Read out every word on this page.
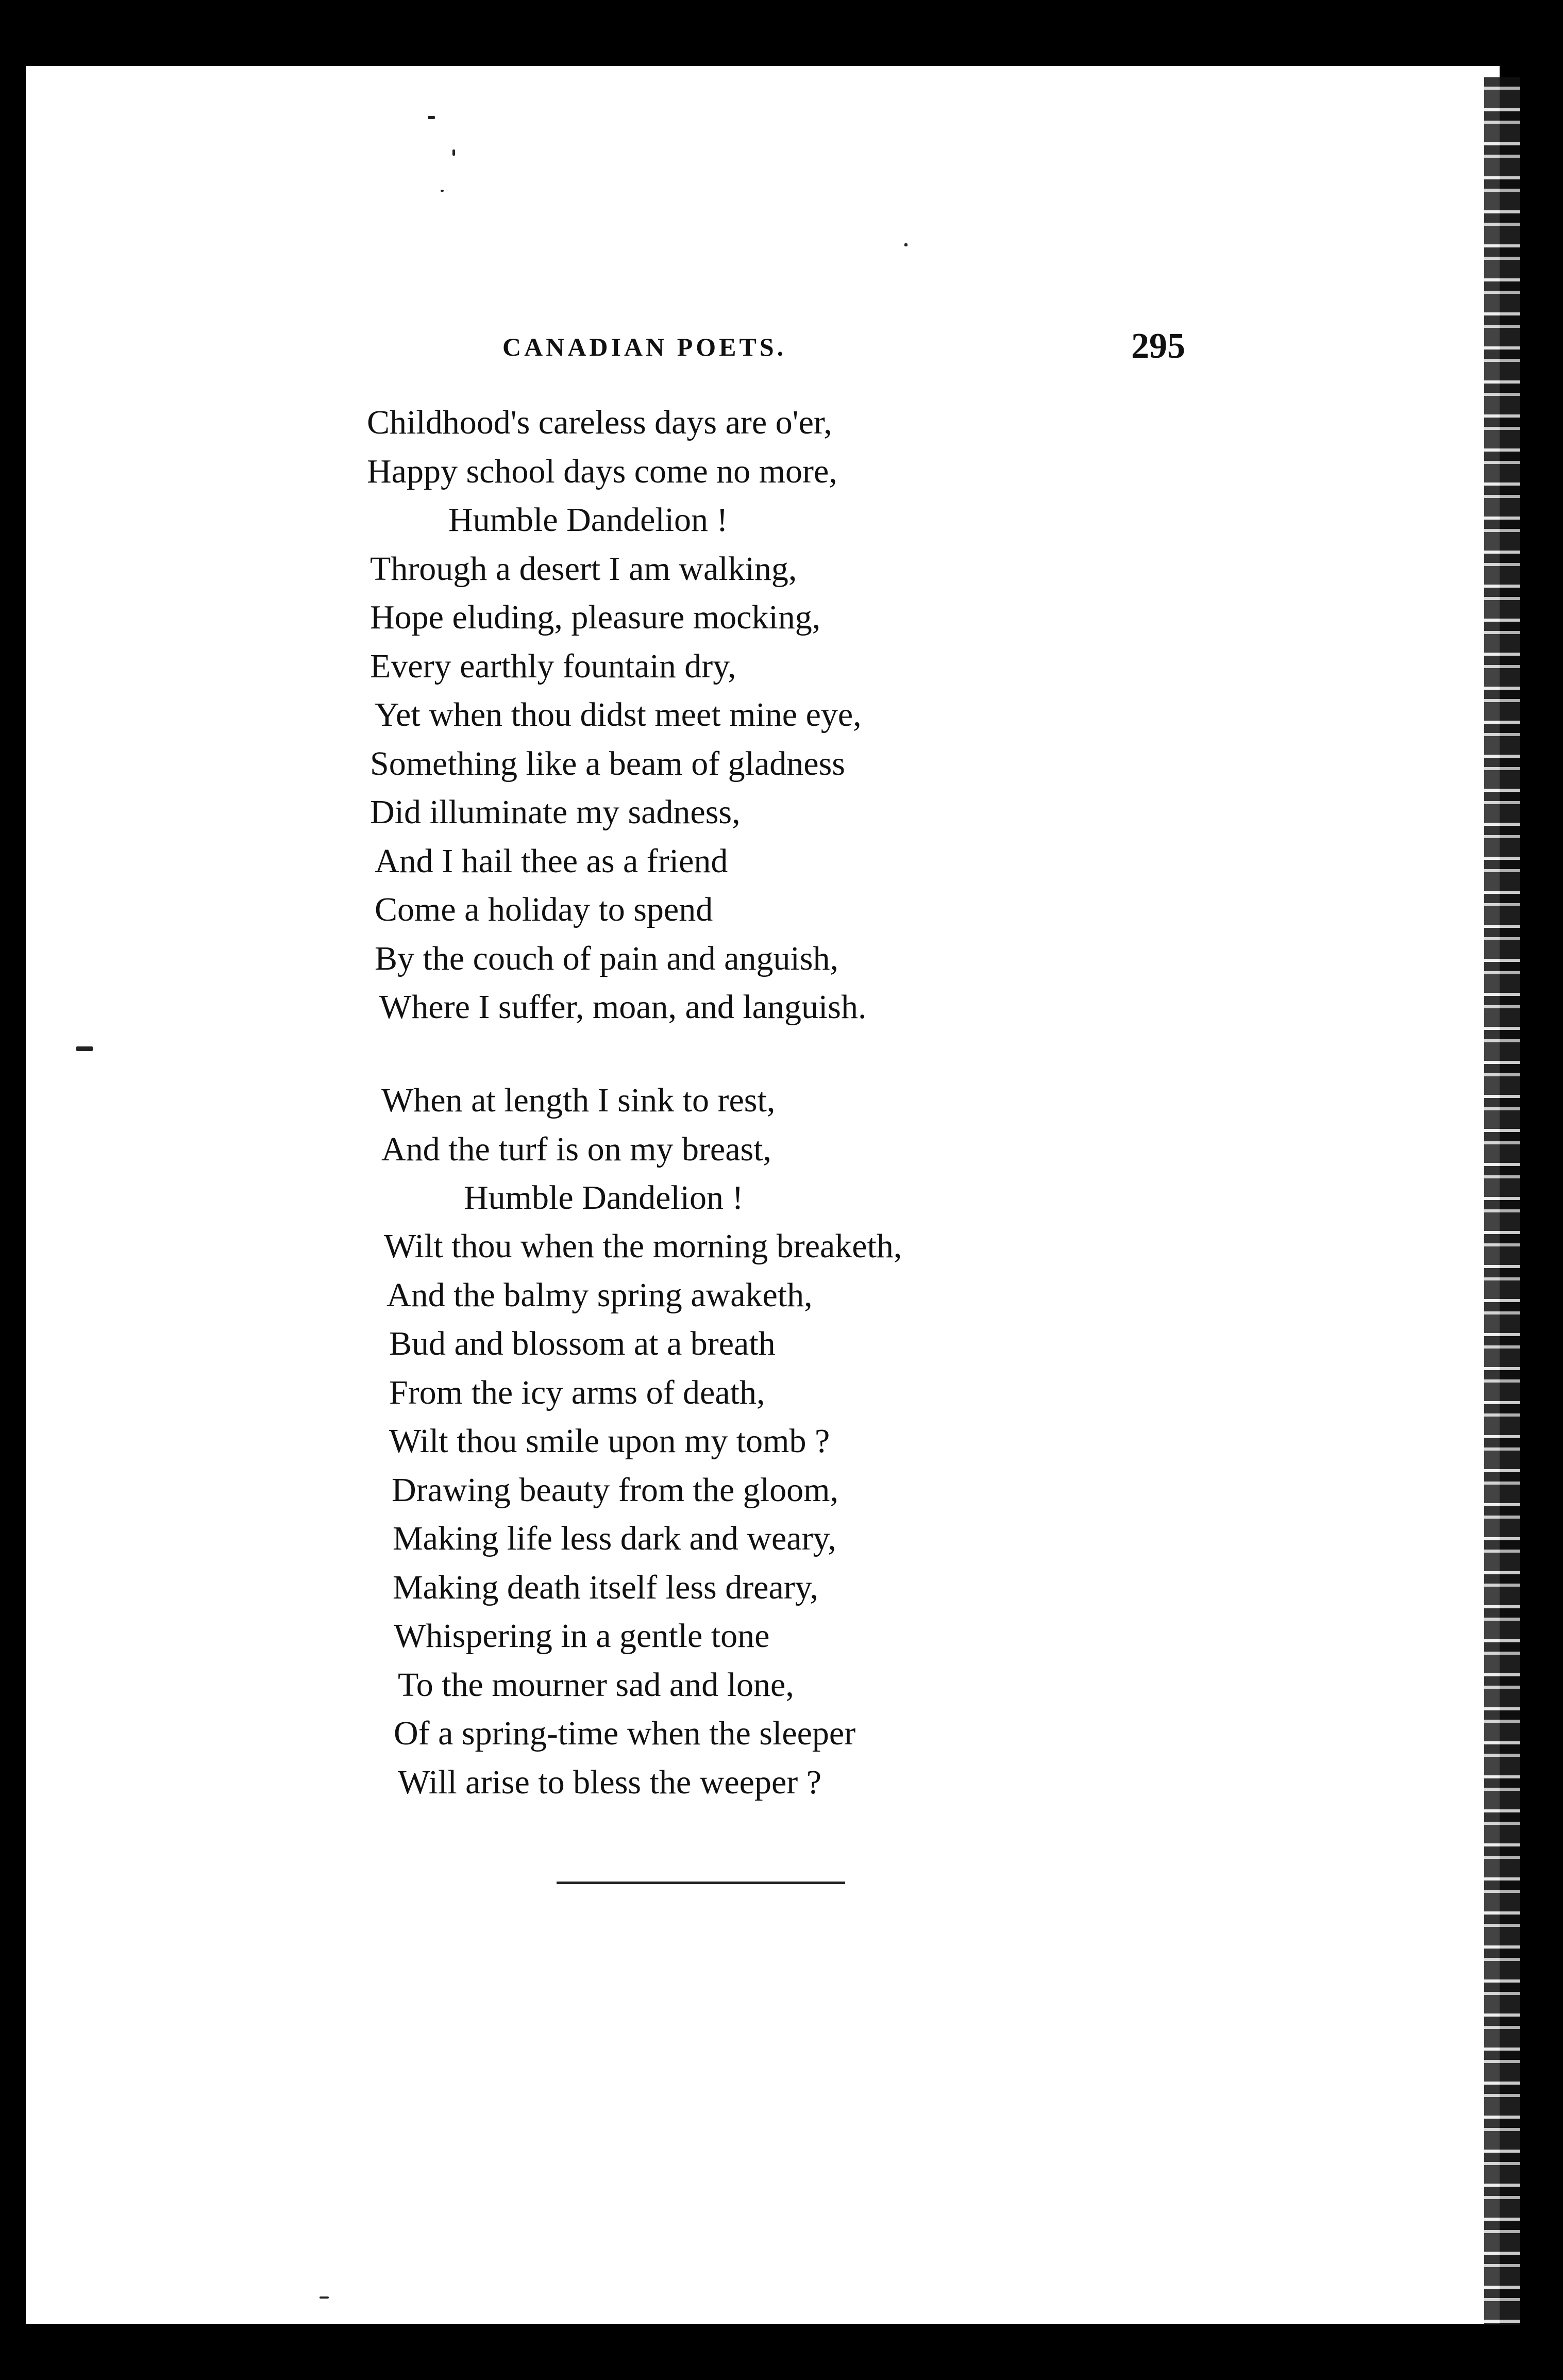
CANADIAN POETS.	295
Childhood's careless days are o'er,
Happy school days come no more,
Humble Dandelion !
Through a desert I am walking,
Hope eluding, pleasure mocking,
Every earthly fountain dry,
Yet when thou didst meet mine eye,
Something like a beam of gladness
Did illuminate my sadness,
And I hail thee as a friend
Come a holiday to spend
By the couch of pain and anguish,
Where I suffer, moan, and languish.
When at length I sink to rest,
And the turf is on my breast,
Humble Dandelion !
Wilt thou when the morning breaketh,
And the balmy spring awaketh,
Bud and blossom at a breath
From the icy arms of death,
Wilt thou smile upon my tomb ?
Drawing beauty from the gloom,
Making life less dark and weary,
Making death itself less dreary,
Whispering in a gentle tone
To the mourner sad and lone,
Of a spring-time when the sleeper
Will arise to bless the weeper ?
